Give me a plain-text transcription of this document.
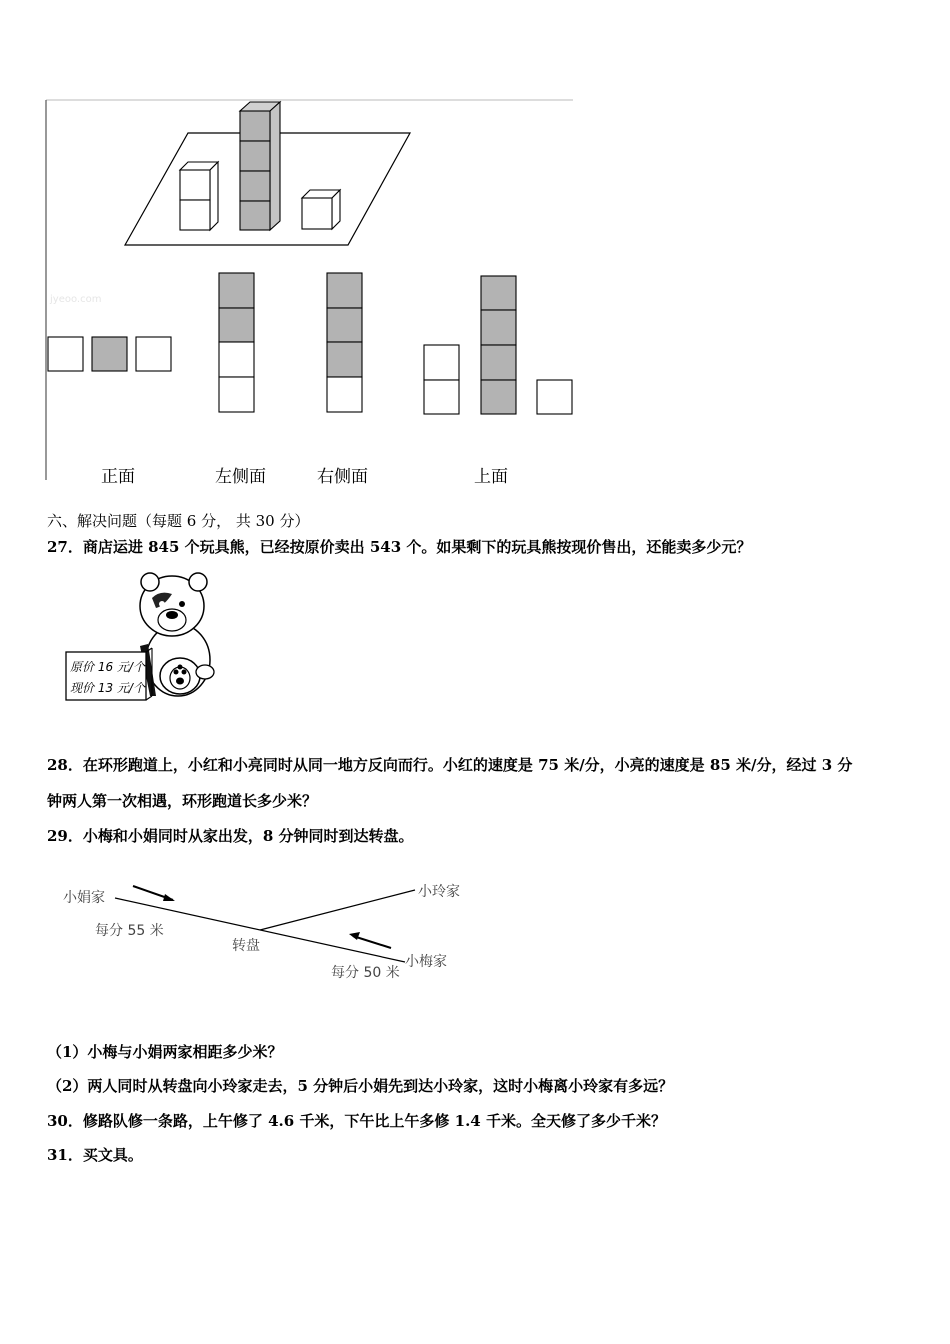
jyeoo.com
正面	左侧面	右侧面	上面
六、解决问题（每题 6 分， 共 30 分）
27．商店运进 845 个玩具熊，已经按原价卖出 543 个。如果剩下的玩具熊按现价售出，还能卖多少元？
原价 16 元/个
现价 13 元/个
28．在环形跑道上，小红和小亮同时从同一地方反向而行。小红的速度是 75 米/分，小亮的速度是 85 米/分，经过 3 分
钟两人第一次相遇，环形跑道长多少米？
29．小梅和小娟同时从家出发，8 分钟同时到达转盘。
小娟家	小玲家
小梅家
转盘
每分 55 米
每分 50 米
（1）小梅与小娟两家相距多少米？
（2）两人同时从转盘向小玲家走去，5 分钟后小娟先到达小玲家，这时小梅离小玲家有多远？
30．修路队修一条路，上午修了 4.6 千米，下午比上午多修 1.4 千米。全天修了多少千米？
31．买文具。
